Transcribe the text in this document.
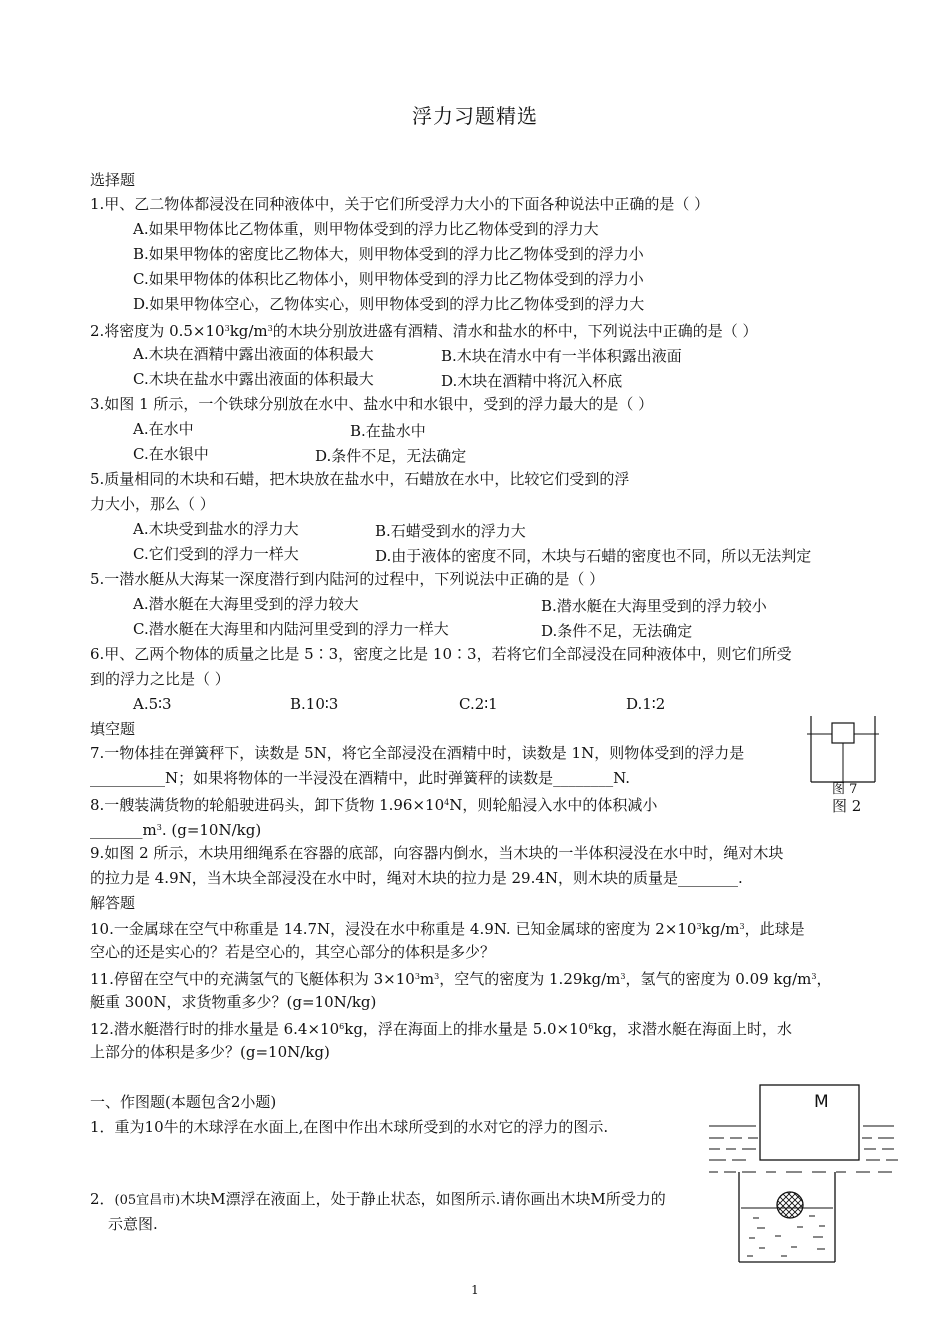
浮力习题精选
选择题
1.甲、乙二物体都浸没在同种液体中，关于它们所受浮力大小的下面各种说法中正确的是（ ）
A.如果甲物体比乙物体重，则甲物体受到的浮力比乙物体受到的浮力大
B.如果甲物体的密度比乙物体大，则甲物体受到的浮力比乙物体受到的浮力小
C.如果甲物体的体积比乙物体小，则甲物体受到的浮力比乙物体受到的浮力小
D.如果甲物体空心，乙物体实心，则甲物体受到的浮力比乙物体受到的浮力大
2.将密度为 $0.5\times 10^3kg/m^3$的木块分别放进盛有酒精、清水和盐水的杯中，下列说法中正确的是（ ）
A.木块在酒精中露出液面的体积最大	B.木块在清水中有一半体积露出液面
C.木块在盐水中露出液面的体积最大	D.木块在酒精中将沉入杯底
3.如图 1 所示，一个铁球分别放在水中、盐水中和水银中，受到的浮力最大的是（ ）
A.在水中	B.在盐水中
C.在水银中	D.条件不足，无法确定
5.质量相同的木块和石蜡，把木块放在盐水中，石蜡放在水中，比较它们受到的浮
力大小，那么（ ）
A.木块受到盐水的浮力大	B.石蜡受到水的浮力大
C.它们受到的浮力一样大	D.由于液体的密度不同，木块与石蜡的密度也不同，所以无法判定
5.一潜水艇从大海某一深度潜行到内陆河的过程中，下列说法中正确的是（ ）
A.潜水艇在大海里受到的浮力较大	B.潜水艇在大海里受到的浮力较小
C.潜水艇在大海里和内陆河里受到的浮力一样大	D.条件不足，无法确定
6.甲、乙两个物体的质量之比是 5∶3，密度之比是 10∶3，若将它们全部浸没在同种液体中，则它们所受
到的浮力之比是（ ）
A.5∶3	B.10∶3	C.2∶1	D.1∶2
填空题
7.一物体挂在弹簧秤下，读数是 5N，将它全部浸没在酒精中时，读数是 1N，则物体受到的浮力是
__________N；如果将物体的一半浸没在酒精中，此时弹簧秤的读数是________N.
8.一艘装满货物的轮船驶进码头，卸下货物 $1.96\times 10^4N$，则轮船浸入水中的体积减小
$\_\_\_\_\_\_\_m^3$. (g=10N/kg)
9.如图 2 所示，木块用细绳系在容器的底部，向容器内倒水，当木块的一半体积浸没在水中时，绳对木块
的拉力是 4.9N，当木块全部浸没在水中时，绳对木块的拉力是 29.4N，则木块的质量是________.
解答题
10.一金属球在空气中称重是 14.7N，浸没在水中称重是 4.9N. 已知金属球的密度为 $2\times 10^3kg/m^3$，此球是
空心的还是实心的？若是空心的，其空心部分的体积是多少？
11.停留在空气中的充满氢气的飞艇体积为 $3\times 10^3m^3$，空气的密度为 $1.29kg/m^3$，氢气的密度为 0.09 $kg/m^3$，
艇重 300N，求货物重多少？(g=10N/kg)
12.潜水艇潜行时的排水量是 $6.4\times 10^6kg$，浮在海面上的排水量是 $5.0\times 10^6kg$，求潜水艇在海面上时，水
上部分的体积是多少？(g=10N/kg)
一、作图题(本题包含2小题)
1．重为10牛的木球浮在水面上,在图中作出木球所受到的水对它的浮力的图示.
2．(05宜昌市)木块M漂浮在液面上，处于静止状态，如图所示.请你画出木块M所受力的
示意图.
图 7
图 2
M
1
